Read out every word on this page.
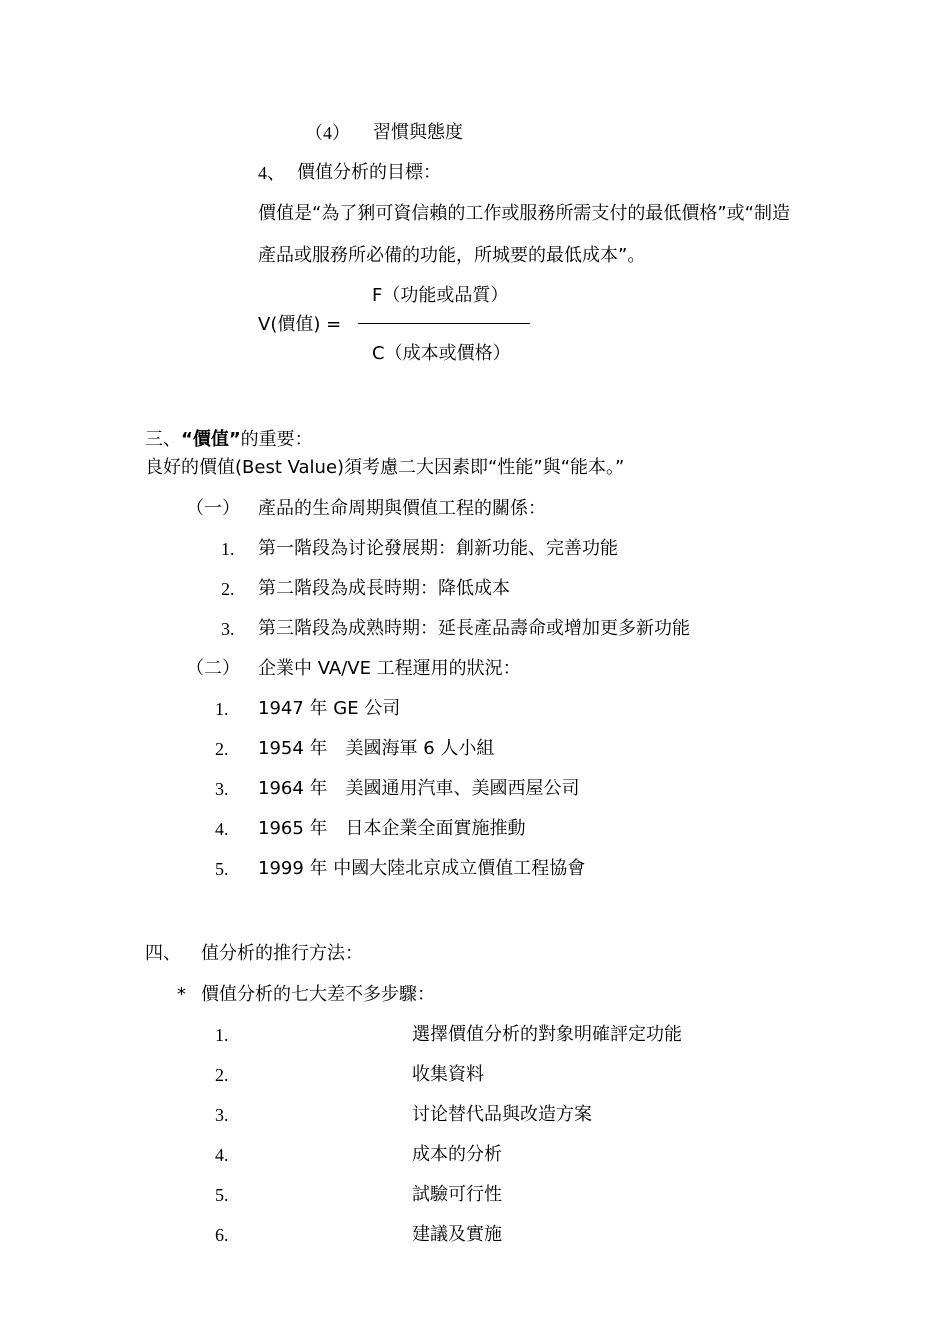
（4） 習慣與態度
4、 價值分析的目標：
價值是“為了猁可資信賴的工作或服務所需支付的最低價格”或“制造
產品或服務所必備的功能，所城要的最低成本”。
F（功能或品質）
V(價值) =
C（成本或價格）
三、“價值”的重要：
良好的價值(Best Value)須考慮二大因素即“性能”與“能本。”
（一） 產品的生命周期與價值工程的關係：
1. 第一階段為讨论發展期：創新功能、完善功能
2. 第二階段為成長時期：降低成本
3. 第三階段為成熟時期：延長產品壽命或增加更多新功能
（二） 企業中 VA/VE 工程運用的狀況：
1. 1947 年 GE 公司
2. 1954 年　美國海軍 6 人小組
3. 1964 年　美國通用汽車、美國西屋公司
4. 1965 年　日本企業全面實施推動
5. 1999 年 中國大陸北京成立價值工程協會
四、 值分析的推行方法：
* 價值分析的七大差不多步驟：
1.	選擇價值分析的對象明確評定功能
2.	收集資料
3.	讨论替代品與改造方案
4.	成本的分析
5.	試驗可行性
6.	建議及實施
